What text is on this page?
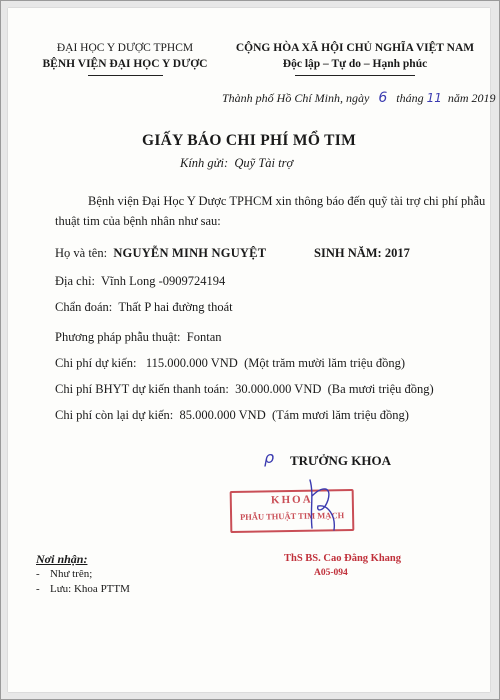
ĐẠI HỌC Y DƯỢC TPHCM
BỆNH VIỆN ĐẠI HỌC Y DƯỢC
CỘNG HÒA XÃ HỘI CHỦ NGHĨA VIỆT NAM
Độc lập – Tự do – Hạnh phúc
Thành phố Hồ Chí Minh, ngày 6 tháng 11 năm 2019
GIẤY BÁO CHI PHÍ MỔ TIM
Kính gửi: Quỹ Tài trợ
Bệnh viện Đại Học Y Dược TPHCM xin thông báo đến quỹ tài trợ chi phí phẫu
thuật tim của bệnh nhân như sau:
Họ và tên: NGUYỄN MINH NGUYỆT	SINH NĂM: 2017
Địa chỉ: Vĩnh Long -0909724194
Chẩn đoán: Thất P hai đường thoát
Phương pháp phẫu thuật: Fontan
Chi phí dự kiến: 115.000.000 VND (Một trăm mười lăm triệu đồng)
Chi phí BHYT dự kiến thanh toán: 30.000.000 VND (Ba mươi triệu đồng)
Chi phí còn lại dự kiến: 85.000.000 VND (Tám mươi lăm triệu đồng)
TRƯỞNG KHOA
ρ
KHOA
PHẪU THUẬT TIM MẠCH
ThS BS. Cao Đằng Khang
A05-094
Nơi nhận:
- Như trên;
- Lưu: Khoa PTTM
